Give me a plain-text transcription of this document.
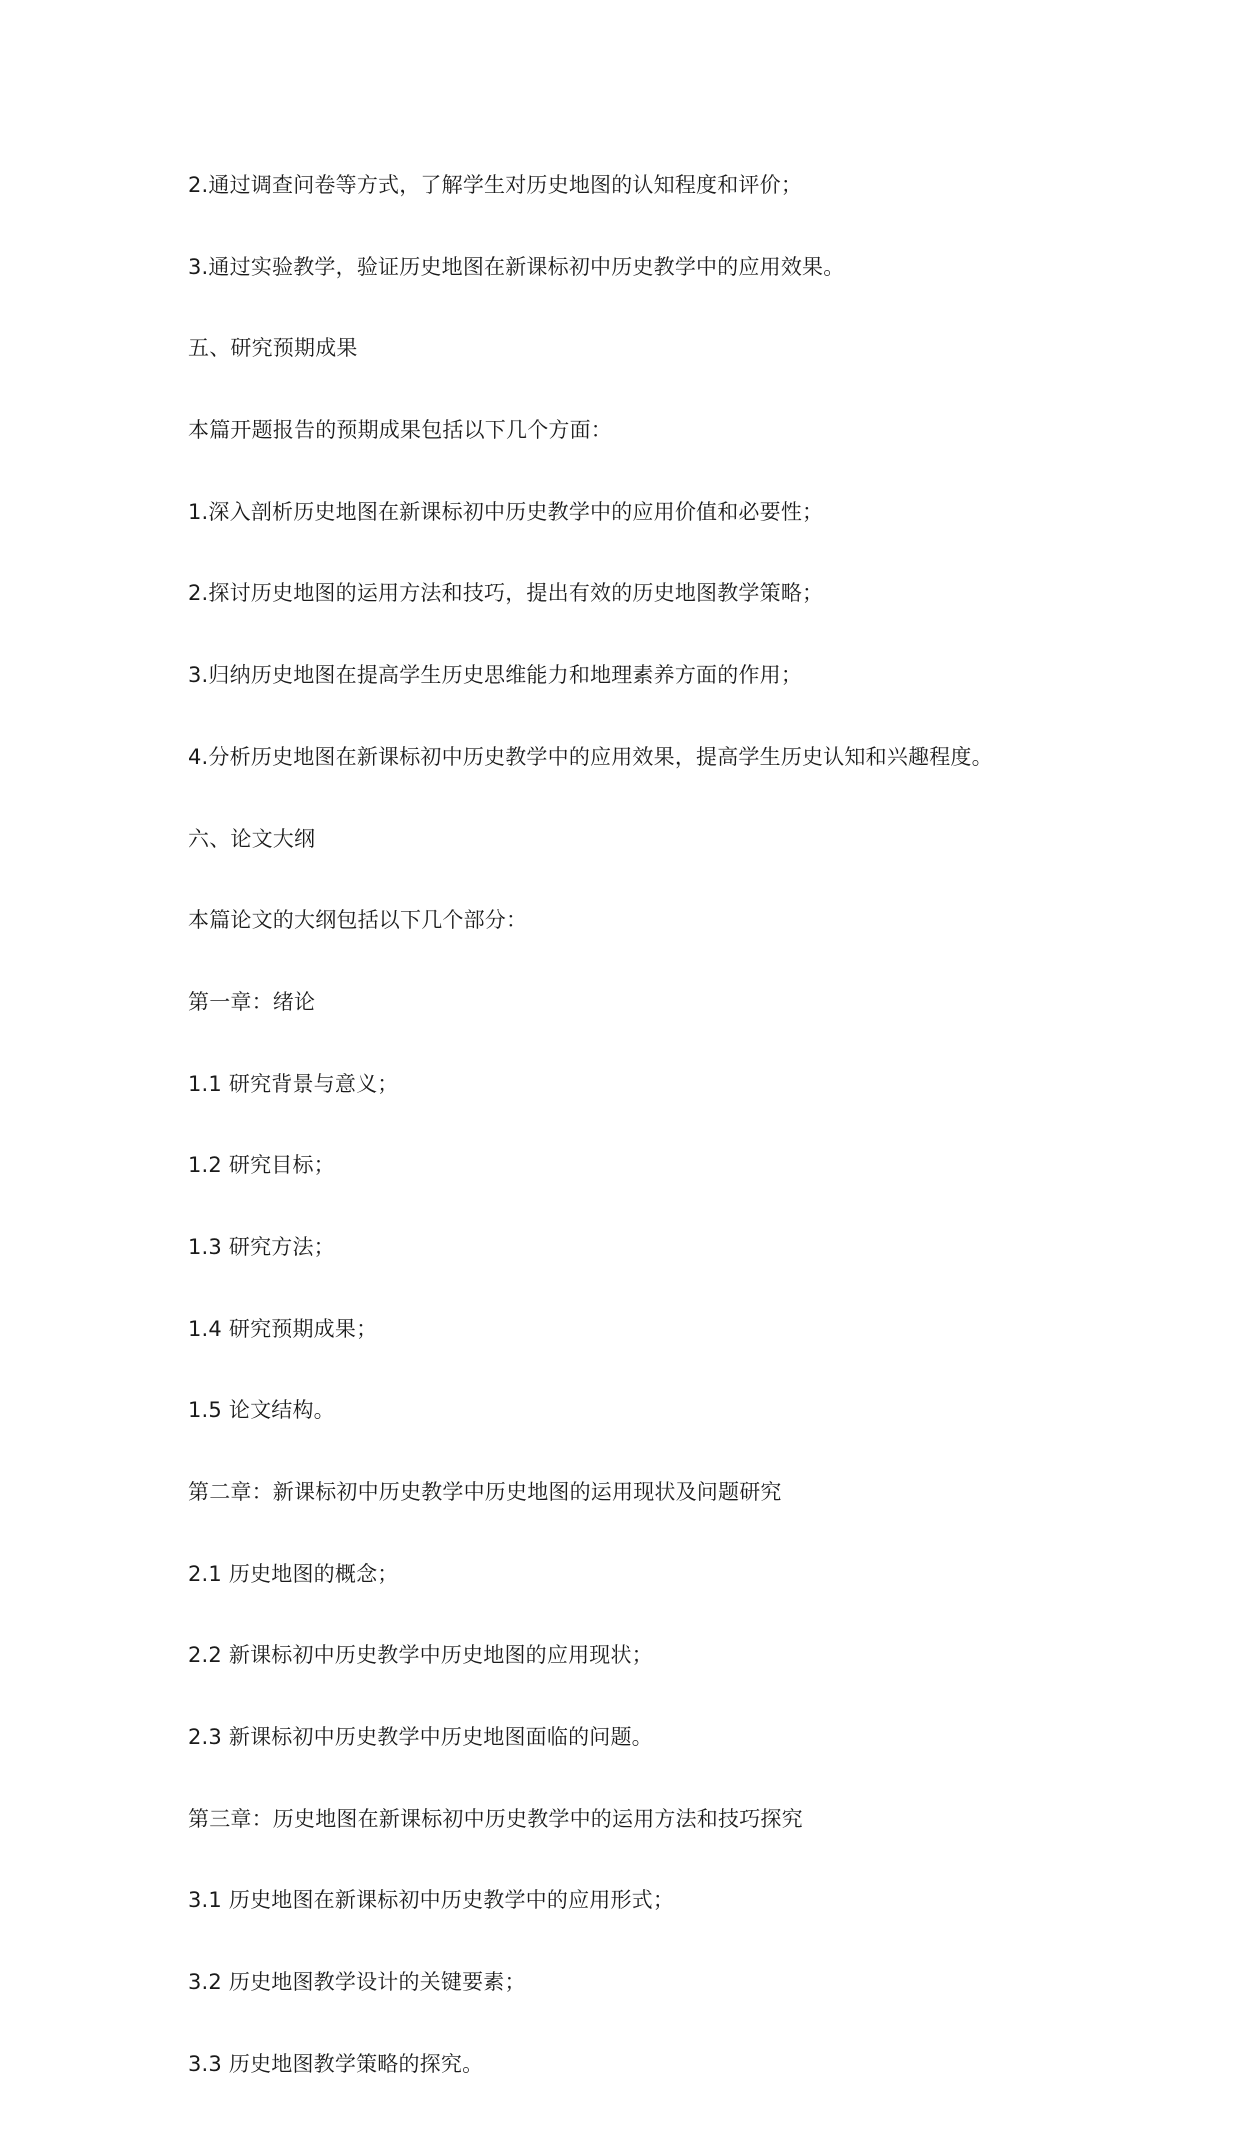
2.通过调查问卷等方式，了解学生对历史地图的认知程度和评价；

3.通过实验教学，验证历史地图在新课标初中历史教学中的应用效果。

五、研究预期成果

本篇开题报告的预期成果包括以下几个方面：

1.深入剖析历史地图在新课标初中历史教学中的应用价值和必要性；

2.探讨历史地图的运用方法和技巧，提出有效的历史地图教学策略；

3.归纳历史地图在提高学生历史思维能力和地理素养方面的作用；

4.分析历史地图在新课标初中历史教学中的应用效果，提高学生历史认知和兴趣程度。

六、论文大纲

本篇论文的大纲包括以下几个部分：

第一章：绪论

1.1 研究背景与意义；

1.2 研究目标；

1.3 研究方法；

1.4 研究预期成果；

1.5 论文结构。

第二章：新课标初中历史教学中历史地图的运用现状及问题研究

2.1 历史地图的概念；

2.2 新课标初中历史教学中历史地图的应用现状；

2.3 新课标初中历史教学中历史地图面临的问题。

第三章：历史地图在新课标初中历史教学中的运用方法和技巧探究

3.1 历史地图在新课标初中历史教学中的应用形式；

3.2 历史地图教学设计的关键要素；

3.3 历史地图教学策略的探究。
